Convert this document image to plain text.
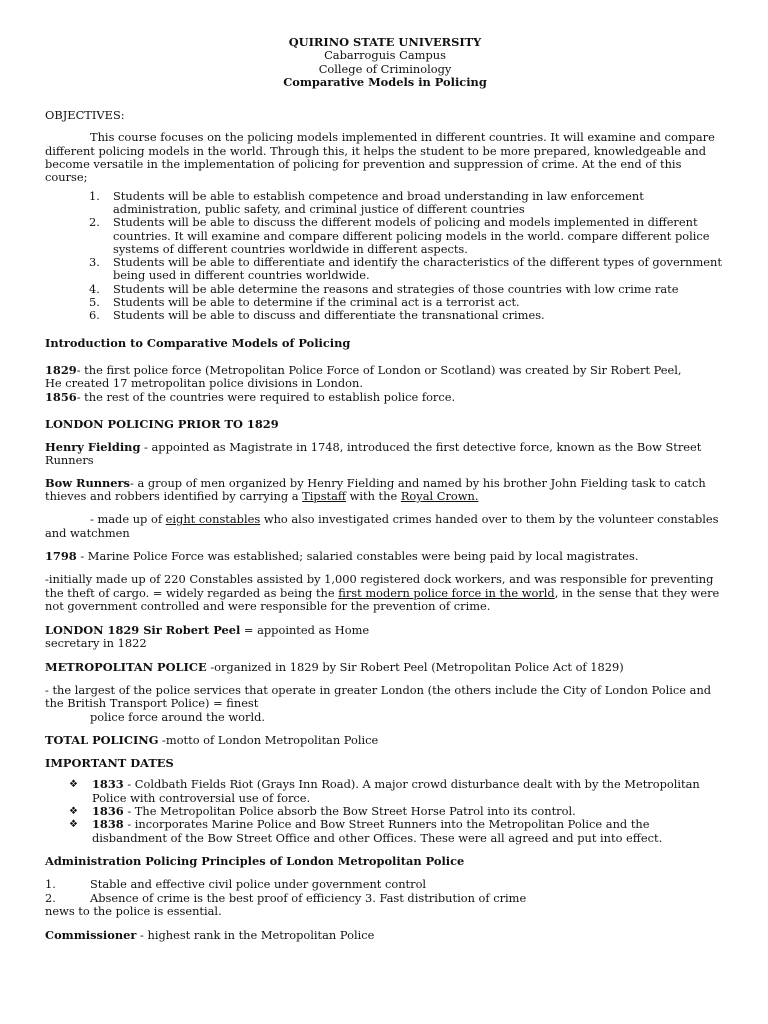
QUIRINO STATE UNIVERSITY

Cabarroguis Campus

College of Criminology

Comparative Models in Policing

OBJECTIVES:

This course focuses on the policing models implemented in different countries. It will examine and compare different policing models in the world. Through this, it helps the student to be more prepared, knowledgeable and become versatile in the implementation of policing for prevention and suppression of crime. At the end of this course;

1. Students will be able to establish competence and broad understanding in law enforcement administration, public safety, and criminal justice of different countries
2. Students will be able to discuss the different models of policing and models implemented in different countries. It will examine and compare different policing models in the world. compare different police systems of different countries worldwide in different aspects.
3. Students will be able to differentiate and identify the characteristics of the different types of government being used in different countries worldwide.
4. Students will be able determine the reasons and strategies of those countries with low crime rate
5. Students will be able to determine if the criminal act is a terrorist act.
6. Students will be able to discuss and differentiate the transnational crimes.

Introduction to Comparative Models of Policing

1829- the first police force (Metropolitan Police Force of London or Scotland) was created by Sir Robert Peel,

He created 17 metropolitan police divisions in London.

1856- the rest of the countries were required to establish police force.

LONDON POLICING PRIOR TO 1829

Henry Fielding - appointed as Magistrate in 1748, introduced the first detective force, known as the Bow Street Runners

Bow Runners- a group of men organized by Henry Fielding and named by his brother John Fielding task to catch thieves and robbers identified by carrying a Tipstaff with the Royal Crown.

- made up of eight constables who also investigated crimes handed over to them by the volunteer constables and watchmen

1798 - Marine Police Force was established; salaried constables were being paid by local magistrates.

-initially made up of 220 Constables assisted by 1,000 registered dock workers, and was responsible for preventing the theft of cargo. = widely regarded as being the first modern police force in the world, in the sense that they were not government controlled and were responsible for the prevention of crime.

LONDON 1829 Sir Robert Peel = appointed as Home

secretary in 1822

METROPOLITAN POLICE -organized in 1829 by Sir Robert Peel (Metropolitan Police Act of 1829)

- the largest of the police services that operate in greater London (the others include the City of London Police and the British Transport Police) = finest

police force around the world.

TOTAL POLICING -motto of London Metropolitan Police

IMPORTANT DATES

❖ 1833 - Coldbath Fields Riot (Grays Inn Road). A major crowd disturbance dealt with by the Metropolitan Police with controversial use of force.
❖ 1836 - The Metropolitan Police absorb the Bow Street Horse Patrol into its control.
❖ 1838 - incorporates Marine Police and Bow Street Runners into the Metropolitan Police and the disbandment of the Bow Street Office and other Offices. These were all agreed and put into effect.

Administration Policing Principles of London Metropolitan Police

1.	Stable and effective civil police under government control

2.	Absence of crime is the best proof of efficiency 3. Fast distribution of crime

news to the police is essential.

Commissioner - highest rank in the Metropolitan Police
